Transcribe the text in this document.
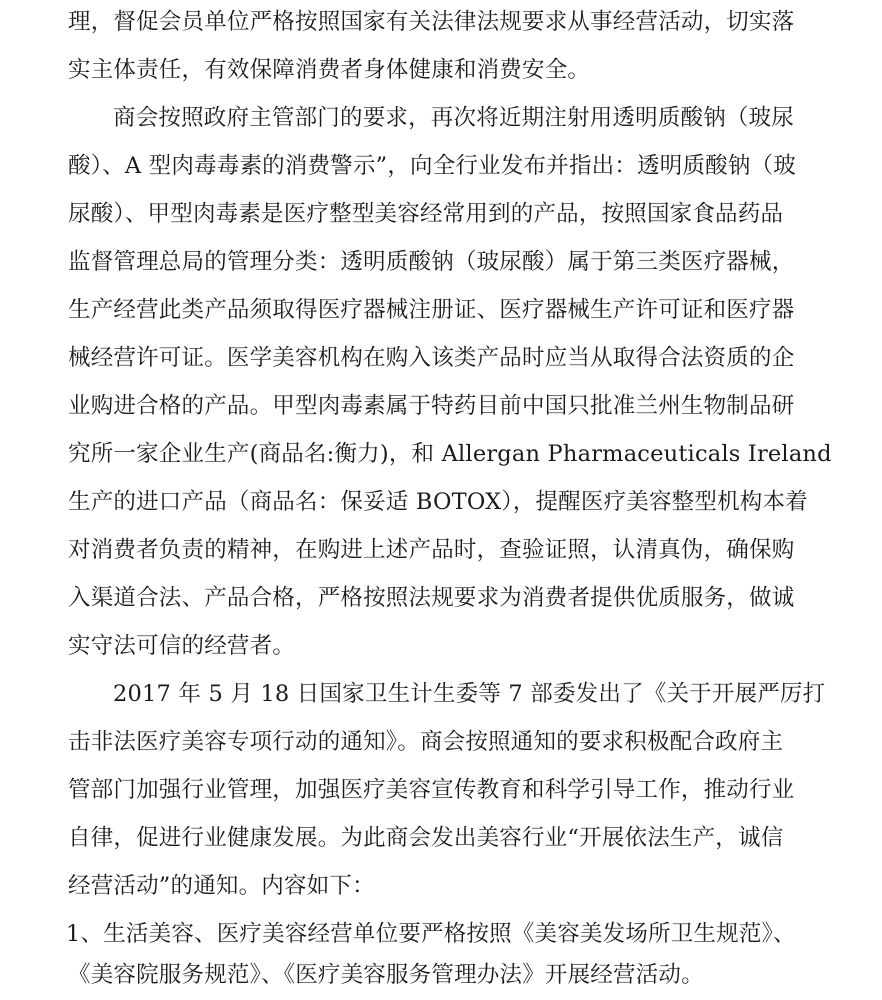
理，督促会员单位严格按照国家有关法律法规要求从事经营活动，切实落
实主体责任，有效保障消费者身体健康和消费安全。
商会按照政府主管部门的要求，再次将近期注射用透明质酸钠（玻尿
酸）、A 型肉毒毒素的消费警示”，向全行业发布并指出：透明质酸钠（玻
尿酸）、甲型肉毒素是医疗整型美容经常用到的产品，按照国家食品药品
监督管理总局的管理分类：透明质酸钠（玻尿酸）属于第三类医疗器械，
生产经营此类产品须取得医疗器械注册证、医疗器械生产许可证和医疗器
械经营许可证。医学美容机构在购入该类产品时应当从取得合法资质的企
业购进合格的产品。甲型肉毒素属于特药目前中国只批准兰州生物制品研
究所一家企业生产(商品名:衡力)，和 Allergan Pharmaceuticals Ireland
生产的进口产品（商品名：保妥适 BOTOX），提醒医疗美容整型机构本着
对消费者负责的精神，在购进上述产品时，查验证照，认清真伪，确保购
入渠道合法、产品合格，严格按照法规要求为消费者提供优质服务，做诚
实守法可信的经营者。
2017 年 5 月 18 日国家卫生计生委等 7 部委发出了《关于开展严厉打
击非法医疗美容专项行动的通知》。商会按照通知的要求积极配合政府主
管部门加强行业管理，加强医疗美容宣传教育和科学引导工作，推动行业
自律，促进行业健康发展。为此商会发出美容行业“开展依法生产，诚信
经营活动”的通知。内容如下：
1、生活美容、医疗美容经营单位要严格按照《美容美发场所卫生规范》、
《美容院服务规范》、《医疗美容服务管理办法》开展经营活动。
